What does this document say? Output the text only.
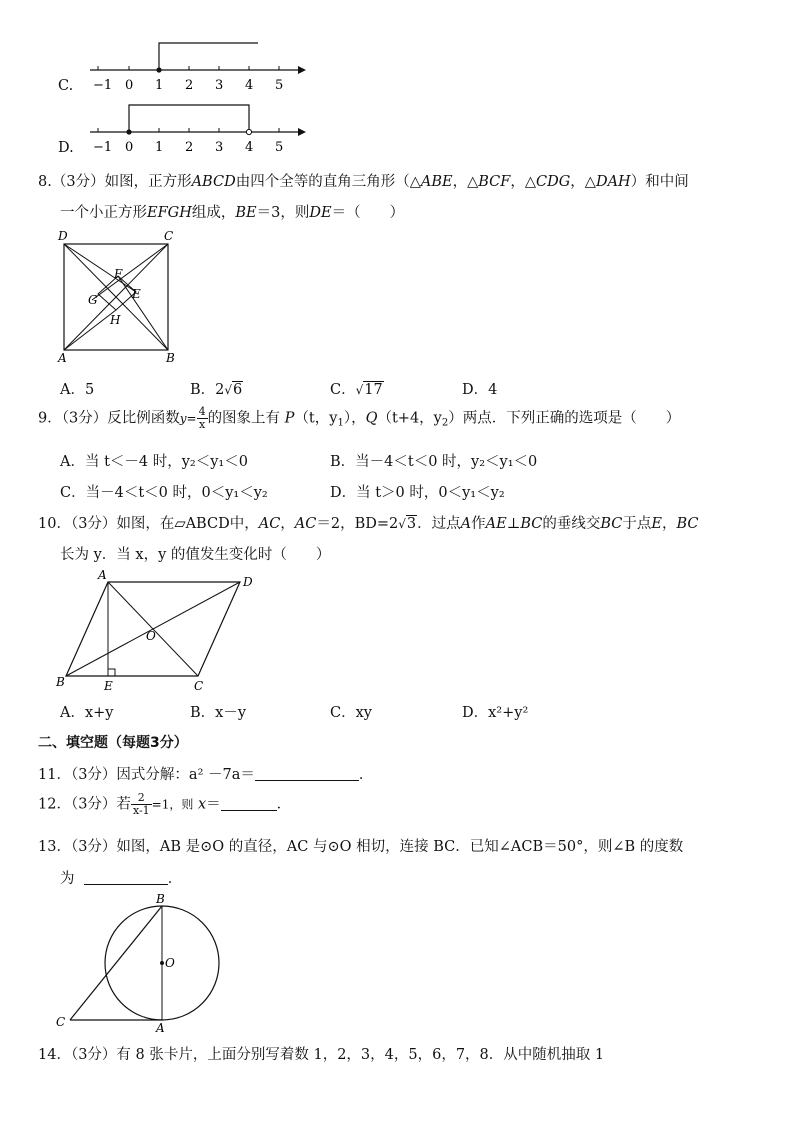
C. −1 0 1 2 3 4 5
D. −1 0 1 2 3 4 5
8.（3分）如图，正方形ABCD由四个全等的直角三角形（△ABE，△BCF，△CDG，△DAH）和中间
一个小正方形EFGH组成，BE＝3，则DE＝（　　）
D	C
A	B
F
E
G
H
A．5	B．2√6	C．√17	D．4
9．（3分）反比例函数$y= \frac{4}{x}$ 的图象上有 P（t，$y_1$），Q（t+4，$y_2$）两点．下列正确的选项是（　　）
A．当 t＜－4 时，y₂＜y₁＜0	B．当－4＜t＜0 时，y₂＜y₁＜0
C．当－4＜t＜0 时，0＜y₁＜y₂	D．当 t＞0 时，0＜y₁＜y₂
10．（3分）如图，在▱ABCD中，AC，AC＝2，BD=2√3．过点A作AE⊥BC的垂线交BC于点E，BC
长为 y．当 x，y 的值发生变化时（　　）
A	D
O
B	E	C
A．x+y	B．x－y	C．xy	D．x²+y²
二、填空题（每题3分）
11．（3分）因式分解：a² －7a＝	．
12．（3分）若 $\frac{2}{x-1} =1$，则 x＝	．
13．（3分）如图，AB 是⊙O 的直径，AC 与⊙O 相切，连接 BC．已知∠ACB＝50°，则∠B 的度数
为	．
B
O
C	A
14．（3分）有 8 张卡片，上面分别写着数 1，2，3，4，5，6，7，8．从中随机抽取 1
